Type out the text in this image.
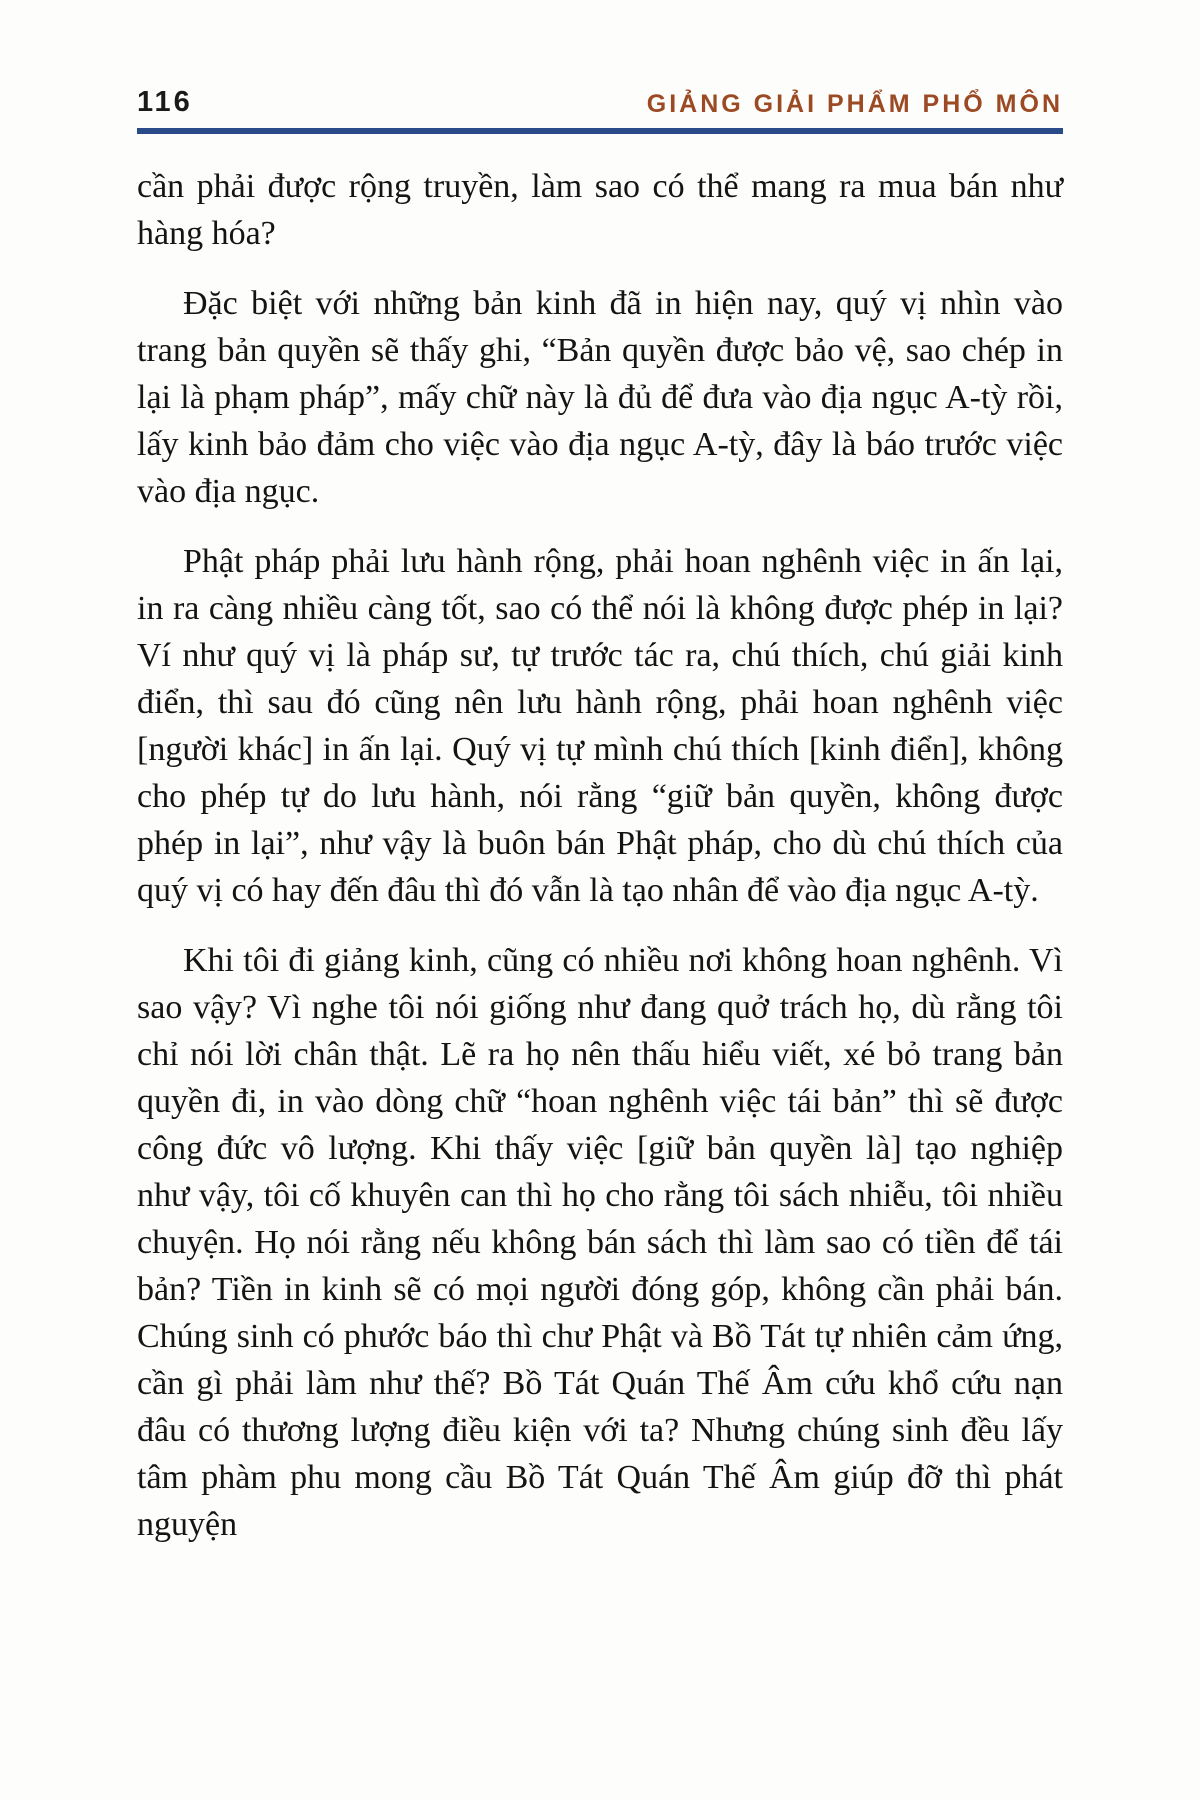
116	GIẢNG GIẢI PHẨM PHỔ MÔN

cần phải được rộng truyền, làm sao có thể mang ra mua bán như hàng hóa?

Đặc biệt với những bản kinh đã in hiện nay, quý vị nhìn vào trang bản quyền sẽ thấy ghi, “Bản quyền được bảo vệ, sao chép in lại là phạm pháp”, mấy chữ này là đủ để đưa vào địa ngục A-tỳ rồi, lấy kinh bảo đảm cho việc vào địa ngục A-tỳ, đây là báo trước việc vào địa ngục.

Phật pháp phải lưu hành rộng, phải hoan nghênh việc in ấn lại, in ra càng nhiều càng tốt, sao có thể nói là không được phép in lại? Ví như quý vị là pháp sư, tự trước tác ra, chú thích, chú giải kinh điển, thì sau đó cũng nên lưu hành rộng, phải hoan nghênh việc [người khác] in ấn lại. Quý vị tự mình chú thích [kinh điển], không cho phép tự do lưu hành, nói rằng “giữ bản quyền, không được phép in lại”, như vậy là buôn bán Phật pháp, cho dù chú thích của quý vị có hay đến đâu thì đó vẫn là tạo nhân để vào địa ngục A-tỳ.

Khi tôi đi giảng kinh, cũng có nhiều nơi không hoan nghênh. Vì sao vậy? Vì nghe tôi nói giống như đang quở trách họ, dù rằng tôi chỉ nói lời chân thật. Lẽ ra họ nên thấu hiểu viết, xé bỏ trang bản quyền đi, in vào dòng chữ “hoan nghênh việc tái bản” thì sẽ được công đức vô lượng. Khi thấy việc [giữ bản quyền là] tạo nghiệp như vậy, tôi cố khuyên can thì họ cho rằng tôi sách nhiễu, tôi nhiều chuyện. Họ nói rằng nếu không bán sách thì làm sao có tiền để tái bản? Tiền in kinh sẽ có mọi người đóng góp, không cần phải bán. Chúng sinh có phước báo thì chư Phật và Bồ Tát tự nhiên cảm ứng, cần gì phải làm như thế? Bồ Tát Quán Thế Âm cứu khổ cứu nạn đâu có thương lượng điều kiện với ta? Nhưng chúng sinh đều lấy tâm phàm phu mong cầu Bồ Tát Quán Thế Âm giúp đỡ thì phát nguyện
